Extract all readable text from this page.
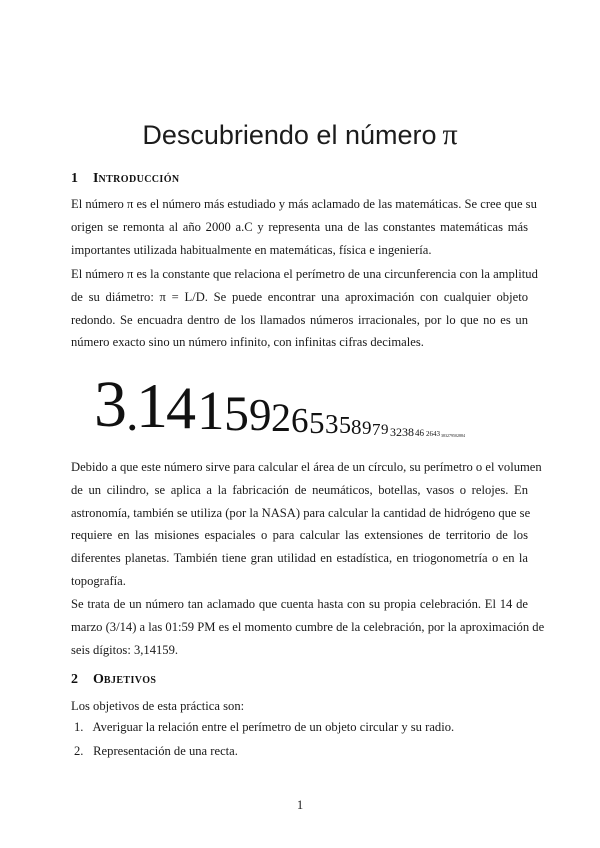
Descubriendo el número π
1 INTRODUCCIÓN
El número π es el número más estudiado y más aclamado de las matemáticas. Se cree que su
origen se remonta al año 2000 a.C y representa una de las constantes matemáticas más
importantes utilizada habitualmente en matemáticas, física e ingeniería.
El número π es la constante que relaciona el perímetro de una circunferencia con la amplitud
de su diámetro: π = L/D. Se puede encontrar una aproximación con cualquier objeto
redondo. Se encuadra dentro de los llamados números irracionales, por lo que no es un
número exacto sino un número infinito, con infinitas cifras decimales.
3 .
1
4 1 5 9 2 6 5 3 5 8 9 7 9 3238 46 2643 383279502884
Debido a que este número sirve para calcular el área de un círculo, su perímetro o el volumen
de un cilindro, se aplica a la fabricación de neumáticos, botellas, vasos o relojes. En
astronomía, también se utiliza (por la NASA) para calcular la cantidad de hidrógeno que se
requiere en las misiones espaciales o para calcular las extensiones de territorio de los
diferentes planetas. También tiene gran utilidad en estadística, en triogonometría o en la
topografía.
Se trata de un número tan aclamado que cuenta hasta con su propia celebración. El 14 de
marzo (3/14) a las 01:59 PM es el momento cumbre de la celebración, por la aproximación de
seis dígitos: 3,14159.
2 OBJETIVOS
Los objetivos de esta práctica son:
1. Averiguar la relación entre el perímetro de un objeto circular y su radio.
2. Representación de una recta.
1
